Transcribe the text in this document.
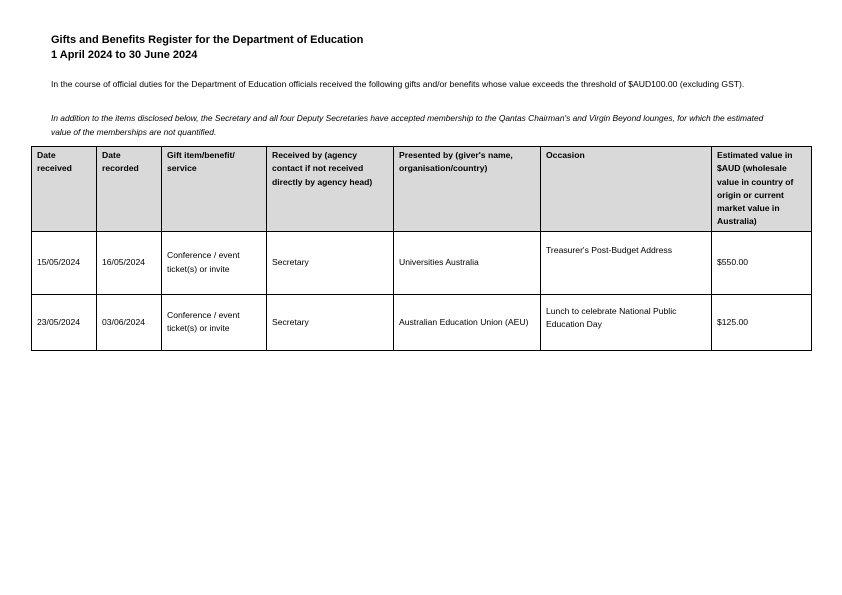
Gifts and Benefits Register for the Department of Education
1 April 2024 to 30 June 2024

In the course of official duties for the Department of Education officials received the following gifts and/or benefits whose value exceeds the threshold of $AUD100.00 (excluding GST).

In addition to the items disclosed below, the Secretary and all four Deputy Secretaries have accepted membership to the Qantas Chairman's and Virgin Beyond lounges, for which the estimated value of the memberships are not quantified.

Date received	Date recorded	Gift item/benefit/ service	Received by (agency contact if not received directly by agency head)	Presented by (giver's name, organisation/country)	Occasion	Estimated value in $AUD (wholesale value in country of origin or current market value in Australia)
15/05/2024	16/05/2024	Conference / event ticket(s) or invite	Secretary	Universities Australia	Treasurer's Post-Budget Address	$550.00
23/05/2024	03/06/2024	Conference / event ticket(s) or invite	Secretary	Australian Education Union (AEU)	Lunch to celebrate National Public Education Day	$125.00
